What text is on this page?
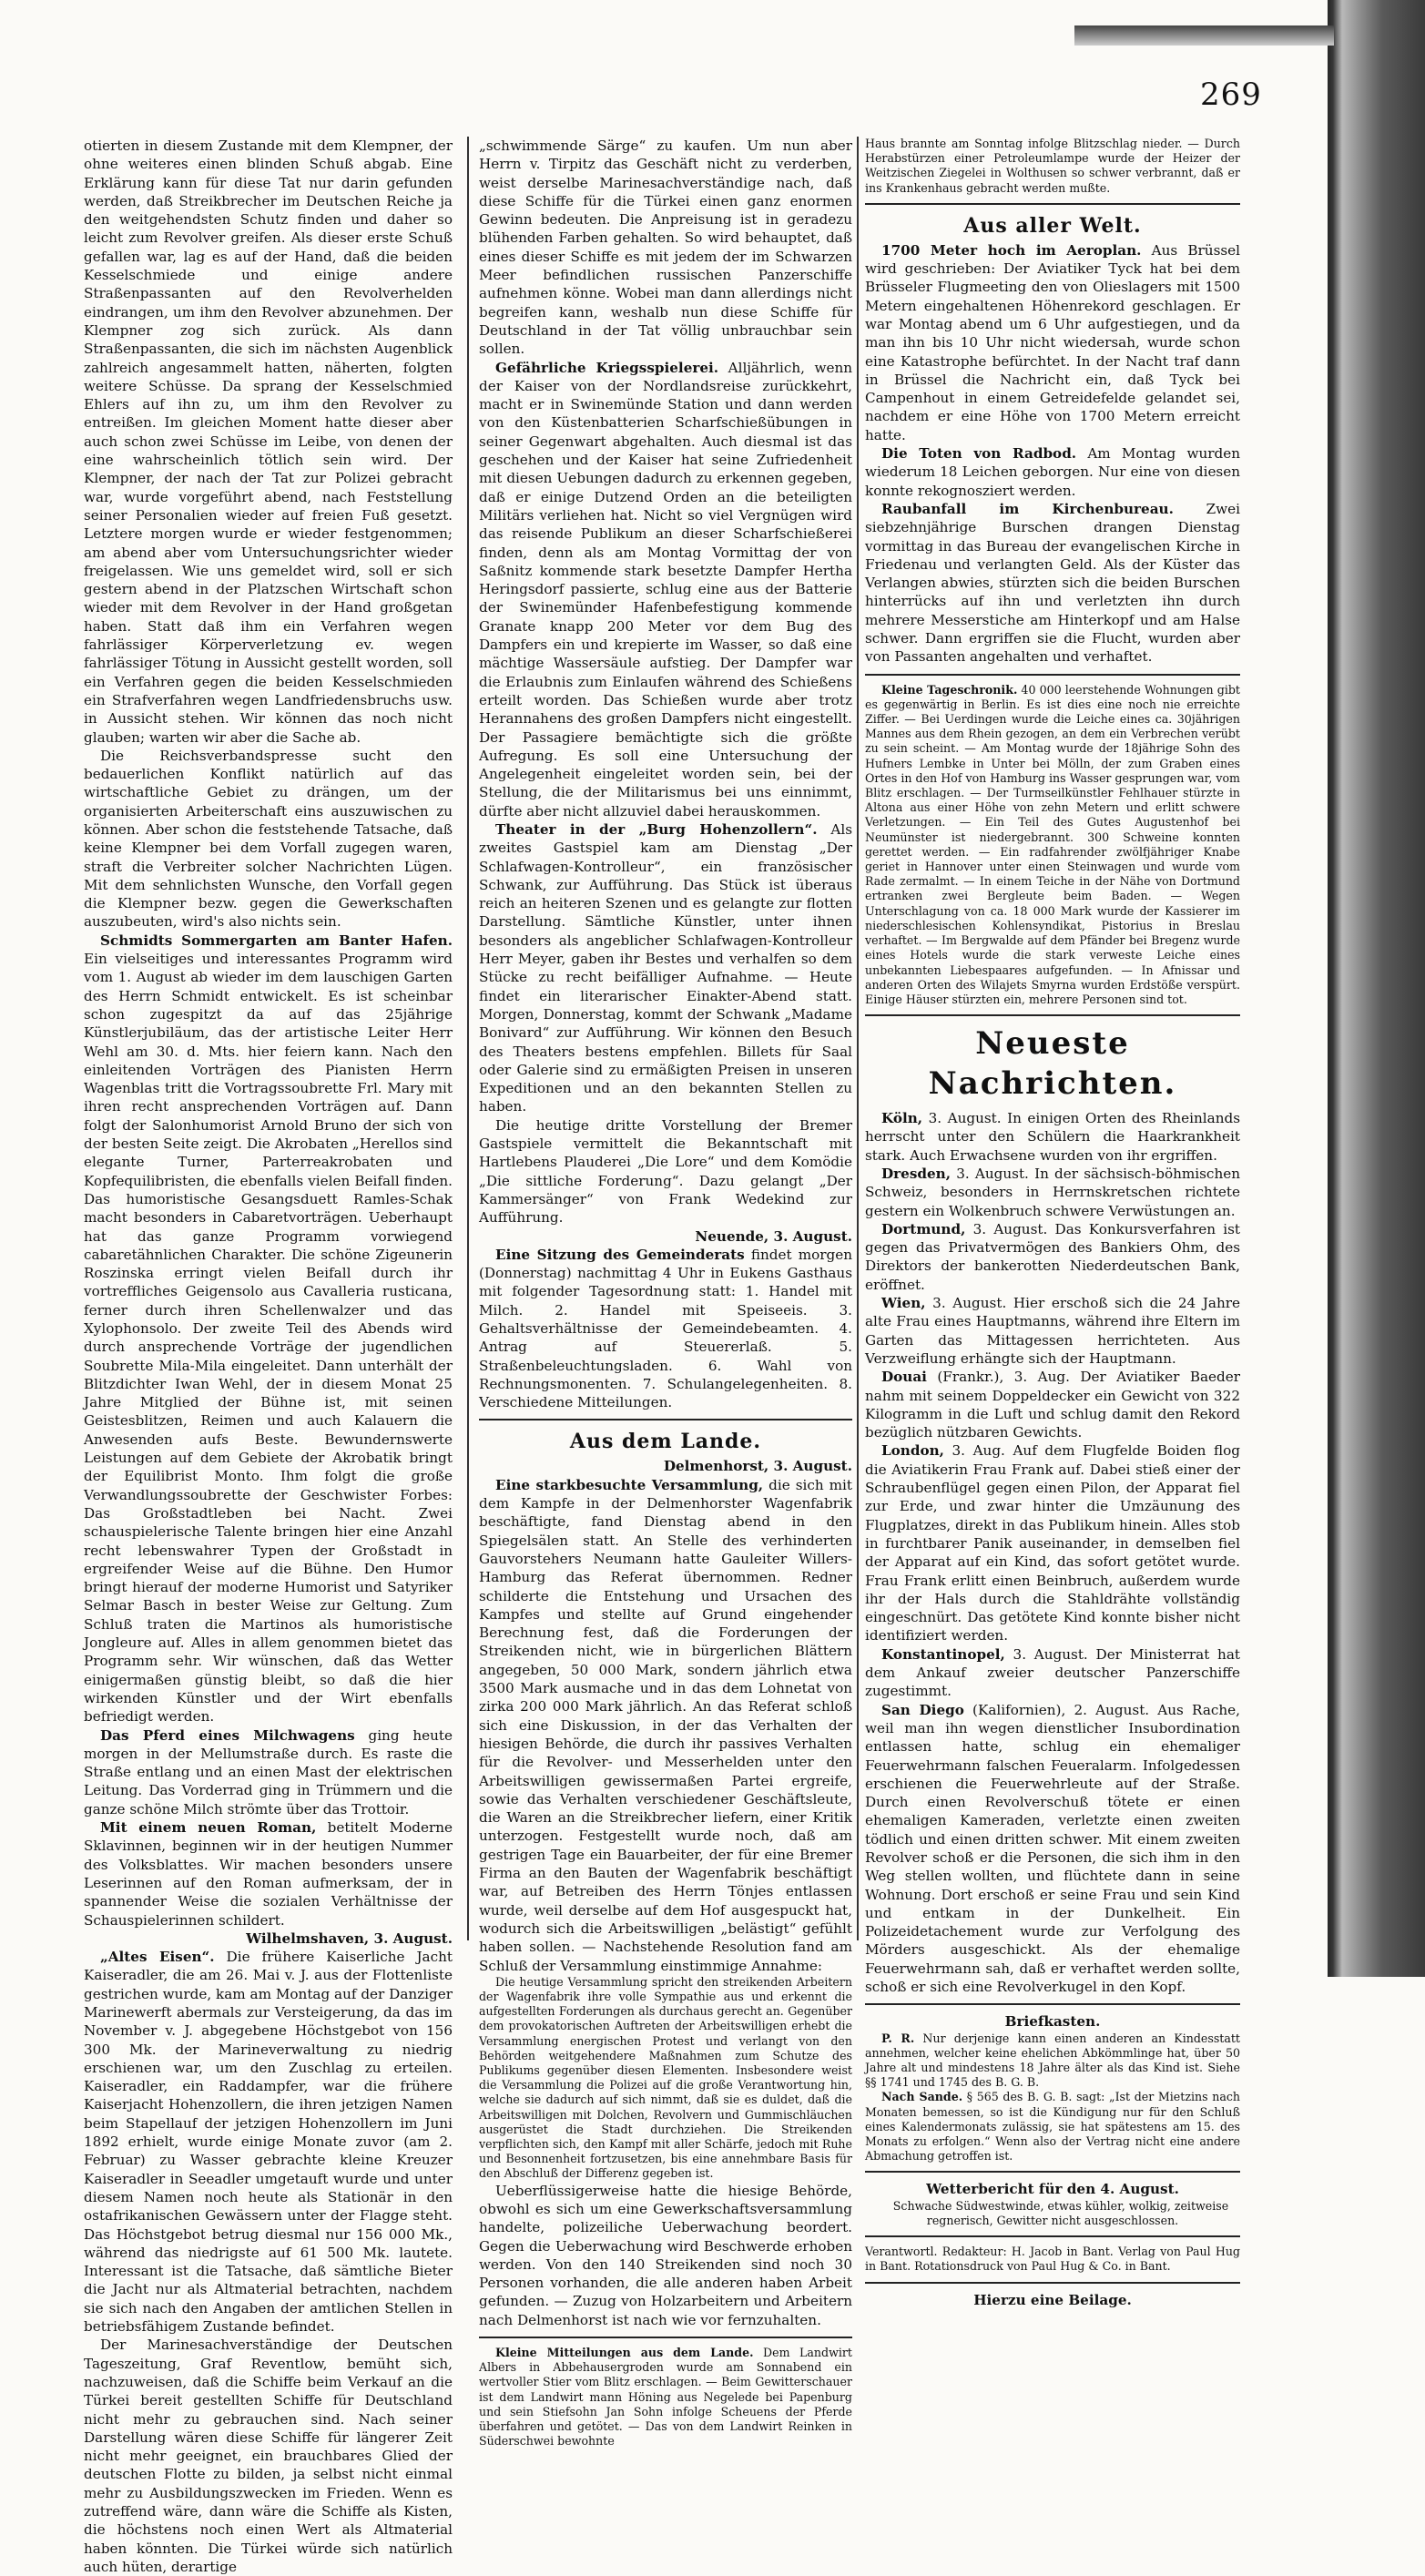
269

otierten in diesem Zustande mit dem Klempner, der ohne weiteres einen blinden Schuß abgab. Eine Erklärung kann für diese Tat nur darin gefunden werden, daß Streikbrecher im Deutschen Reiche ja den weitgehendsten Schutz finden und daher so leicht zum Revolver greifen. Als dieser erste Schuß gefallen war, lag es auf der Hand, daß die beiden Kesselschmiede und einige andere Straßenpassanten auf den Revolverhelden eindrangen, um ihm den Revolver abzunehmen. Der Klempner zog sich zurück. Als dann Straßenpassanten, die sich im nächsten Augenblick zahlreich angesammelt hatten, näherten, folgten weitere Schüsse. Da sprang der Kesselschmied Ehlers auf ihn zu, um ihm den Revolver zu entreißen. Im gleichen Moment hatte dieser aber auch schon zwei Schüsse im Leibe, von denen der eine wahrscheinlich tötlich sein wird. Der Klempner, der nach der Tat zur Polizei gebracht war, wurde vorgeführt abend, nach Feststellung seiner Personalien wieder auf freien Fuß gesetzt. Letztere morgen wurde er wieder festgenommen; am abend aber vom Untersuchungsrichter wieder freigelassen. Wie uns gemeldet wird, soll er sich gestern abend in der Platzschen Wirtschaft schon wieder mit dem Revolver in der Hand großgetan haben. Statt daß ihm ein Verfahren wegen fahrlässiger Körperverletzung ev. wegen fahrlässiger Tötung in Aussicht gestellt worden, soll ein Verfahren gegen die beiden Kesselschmieden ein Strafverfahren wegen Landfriedensbruchs usw. in Aussicht stehen. Wir können das noch nicht glauben; warten wir aber die Sache ab.

Die Reichsverbandspresse sucht den bedauerlichen Konflikt natürlich auf das wirtschaftliche Gebiet zu drängen, um der organisierten Arbeiterschaft eins auszuwischen zu können. Aber schon die feststehende Tatsache, daß keine Klempner bei dem Vorfall zugegen waren, straft die Verbreiter solcher Nachrichten Lügen. Mit dem sehnlichsten Wunsche, den Vorfall gegen die Klempner bezw. gegen die Gewerkschaften auszubeuten, wird's also nichts sein.

Schmidts Sommergarten am Banter Hafen. Ein vielseitiges und interessantes Programm wird vom 1. August ab wieder im dem lauschigen Garten des Herrn Schmidt entwickelt. Es ist scheinbar schon zugespitzt da auf das 25jährige Künstlerjubiläum, das der artistische Leiter Herr Wehl am 30. d. Mts. hier feiern kann. Nach den einleitenden Vorträgen des Pianisten Herrn Wagenblas tritt die Vortragssoubrette Frl. Mary mit ihren recht ansprechenden Vorträgen auf. Dann folgt der Salonhumorist Arnold Bruno der sich von der besten Seite zeigt. Die Akrobaten „Herellos sind elegante Turner, Parterreakrobaten und Kopfequilibristen, die ebenfalls vielen Beifall finden. Das humoristische Gesangsduett Ramles-Schak macht besonders in Cabaretvorträgen. Ueberhaupt hat das ganze Programm vorwiegend cabaretähnlichen Charakter. Die schöne Zigeunerin Roszinska erringt vielen Beifall durch ihr vortreffliches Geigensolo aus Cavalleria rusticana, ferner durch ihren Schellenwalzer und das Xylophonsolo. Der zweite Teil des Abends wird durch ansprechende Vorträge der jugendlichen Soubrette Mila-Mila eingeleitet. Dann unterhält der Blitzdichter Iwan Wehl, der in diesem Monat 25 Jahre Mitglied der Bühne ist, mit seinen Geistesblitzen, Reimen und auch Kalauern die Anwesenden aufs Beste. Bewundernswerte Leistungen auf dem Gebiete der Akrobatik bringt der Equilibrist Monto. Ihm folgt die große Verwandlungssoubrette der Geschwister Forbes: Das Großstadtleben bei Nacht. Zwei schauspielerische Talente bringen hier eine Anzahl recht lebenswahrer Typen der Großstadt in ergreifender Weise auf die Bühne. Den Humor bringt hierauf der moderne Humorist und Satyriker Selmar Basch in bester Weise zur Geltung. Zum Schluß traten die Martinos als humoristische Jongleure auf. Alles in allem genommen bietet das Programm sehr. Wir wünschen, daß das Wetter einigermaßen günstig bleibt, so daß die hier wirkenden Künstler und der Wirt ebenfalls befriedigt werden.

Das Pferd eines Milchwagens ging heute morgen in der Mellumstraße durch. Es raste die Straße entlang und an einen Mast der elektrischen Leitung. Das Vorderrad ging in Trümmern und die ganze schöne Milch strömte über das Trottoir.

Mit einem neuen Roman, betitelt Moderne Sklavinnen, beginnen wir in der heutigen Nummer des Volksblattes. Wir machen besonders unsere Leserinnen auf den Roman aufmerksam, der in spannender Weise die sozialen Verhältnisse der Schauspielerinnen schildert.

Wilhelmshaven, 3. August.

„Altes Eisen“. Die frühere Kaiserliche Jacht Kaiseradler, die am 26. Mai v. J. aus der Flottenliste gestrichen wurde, kam am Montag auf der Danziger Marinewerft abermals zur Versteigerung, da das im November v. J. abgegebene Höchstgebot von 156 300 Mk. der Marineverwaltung zu niedrig erschienen war, um den Zuschlag zu erteilen. Kaiseradler, ein Raddampfer, war die frühere Kaiserjacht Hohenzollern, die ihren jetzigen Namen beim Stapellauf der jetzigen Hohenzollern im Juni 1892 erhielt, wurde einige Monate zuvor (am 2. Februar) zu Wasser gebrachte kleine Kreuzer Kaiseradler in Seeadler umgetauft wurde und unter diesem Namen noch heute als Stationär in den ostafrikanischen Gewässern unter der Flagge steht. Das Höchstgebot betrug diesmal nur 156 000 Mk., während das niedrigste auf 61 500 Mk. lautete. Interessant ist die Tatsache, daß sämtliche Bieter die Jacht nur als Altmaterial betrachten, nachdem sie sich nach den Angaben der amtlichen Stellen in betriebsfähigem Zustande befindet.

Der Marinesachverständige der Deutschen Tageszeitung, Graf Reventlow, bemüht sich, nachzuweisen, daß die Schiffe beim Verkauf an die Türkei bereit gestellten Schiffe für Deutschland nicht mehr zu gebrauchen sind. Nach seiner Darstellung wären diese Schiffe für längerer Zeit nicht mehr geeignet, ein brauchbares Glied der deutschen Flotte zu bilden, ja selbst nicht einmal mehr zu Ausbildungszwecken im Frieden. Wenn es zutreffend wäre, dann wäre die Schiffe als Kisten, die höchstens noch einen Wert als Altmaterial haben könnten. Die Türkei würde sich natürlich auch hüten, derartige

„schwimmende Särge“ zu kaufen. Um nun aber Herrn v. Tirpitz das Geschäft nicht zu verderben, weist derselbe Marinesachverständige nach, daß diese Schiffe für die Türkei einen ganz enormen Gewinn bedeuten. Die Anpreisung ist in geradezu blühenden Farben gehalten. So wird behauptet, daß eines dieser Schiffe es mit jedem der im Schwarzen Meer befindlichen russischen Panzerschiffe aufnehmen könne. Wobei man dann allerdings nicht begreifen kann, weshalb nun diese Schiffe für Deutschland in der Tat völlig unbrauchbar sein sollen.

Gefährliche Kriegsspielerei. Alljährlich, wenn der Kaiser von der Nordlandsreise zurückkehrt, macht er in Swinemünde Station und dann werden von den Küstenbatterien Scharfschießübungen in seiner Gegenwart abgehalten. Auch diesmal ist das geschehen und der Kaiser hat seine Zufriedenheit mit diesen Uebungen dadurch zu erkennen gegeben, daß er einige Dutzend Orden an die beteiligten Militärs verliehen hat. Nicht so viel Vergnügen wird das reisende Publikum an dieser Scharfschießerei finden, denn als am Montag Vormittag der von Saßnitz kommende stark besetzte Dampfer Hertha Heringsdorf passierte, schlug eine aus der Batterie der Swinemünder Hafenbefestigung kommende Granate knapp 200 Meter vor dem Bug des Dampfers ein und krepierte im Wasser, so daß eine mächtige Wassersäule aufstieg. Der Dampfer war die Erlaubnis zum Einlaufen während des Schießens erteilt worden. Das Schießen wurde aber trotz Herannahens des großen Dampfers nicht eingestellt. Der Passagiere bemächtigte sich die größte Aufregung. Es soll eine Untersuchung der Angelegenheit eingeleitet worden sein, bei der Stellung, die der Militarismus bei uns einnimmt, dürfte aber nicht allzuviel dabei herauskommen.

Theater in der „Burg Hohenzollern“. Als zweites Gastspiel kam am Dienstag „Der Schlafwagen-Kontrolleur“, ein französischer Schwank, zur Aufführung. Das Stück ist überaus reich an heiteren Szenen und es gelangte zur flotten Darstellung. Sämtliche Künstler, unter ihnen besonders als angeblicher Schlafwagen-Kontrolleur Herr Meyer, gaben ihr Bestes und verhalfen so dem Stücke zu recht beifälliger Aufnahme. — Heute findet ein literarischer Einakter-Abend statt. Morgen, Donnerstag, kommt der Schwank „Madame Bonivard“ zur Aufführung. Wir können den Besuch des Theaters bestens empfehlen. Billets für Saal oder Galerie sind zu ermäßigten Preisen in unseren Expeditionen und an den bekannten Stellen zu haben.

Die heutige dritte Vorstellung der Bremer Gastspiele vermittelt die Bekanntschaft mit Hartlebens Plauderei „Die Lore“ und dem Komödie „Die sittliche Forderung“. Dazu gelangt „Der Kammersänger“ von Frank Wedekind zur Aufführung.

Neuende, 3. August.

Eine Sitzung des Gemeinderats findet morgen (Donnerstag) nachmittag 4 Uhr in Eukens Gasthaus mit folgender Tagesordnung statt: 1. Handel mit Milch. 2. Handel mit Speiseeis. 3. Gehaltsverhältnisse der Gemeindebeamten. 4. Antrag auf Steuererlaß. 5. Straßenbeleuchtungsladen. 6. Wahl von Rechnungsmonenten. 7. Schulangelegenheiten. 8. Verschiedene Mitteilungen.

Aus dem Lande.
Delmenhorst, 3. August.

Eine starkbesuchte Versammlung, die sich mit dem Kampfe in der Delmenhorster Wagenfabrik beschäftigte, fand Dienstag abend in den Spiegelsälen statt. An Stelle des verhinderten Gauvorstehers Neumann hatte Gauleiter Willers-Hamburg das Referat übernommen. Redner schilderte die Entstehung und Ursachen des Kampfes und stellte auf Grund eingehender Berechnung fest, daß die Forderungen der Streikenden nicht, wie in bürgerlichen Blättern angegeben, 50 000 Mark, sondern jährlich etwa 3500 Mark ausmache und in das dem Lohnetat von zirka 200 000 Mark jährlich. An das Referat schloß sich eine Diskussion, in der das Verhalten der hiesigen Behörde, die durch ihr passives Verhalten für die Revolver- und Messerhelden unter den Arbeitswilligen gewissermaßen Partei ergreife, sowie das Verhalten verschiedener Geschäftsleute, die Waren an die Streikbrecher liefern, einer Kritik unterzogen. Festgestellt wurde noch, daß am gestrigen Tage ein Bauarbeiter, der für eine Bremer Firma an den Bauten der Wagenfabrik beschäftigt war, auf Betreiben des Herrn Tönjes entlassen wurde, weil derselbe auf dem Hof ausgespuckt hat, wodurch sich die Arbeitswilligen „belästigt“ gefühlt haben sollen. — Nachstehende Resolution fand am Schluß der Versammlung einstimmige Annahme:

Die heutige Versammlung spricht den streikenden Arbeitern der Wagenfabrik ihre volle Sympathie aus und erkennt die aufgestellten Forderungen als durchaus gerecht an. Gegenüber dem provokatorischen Auftreten der Arbeitswilligen erhebt die Versammlung energischen Protest und verlangt von den Behörden weitgehendere Maßnahmen zum Schutze des Publikums gegenüber diesen Elementen. Insbesondere weist die Versammlung die Polizei auf die große Verantwortung hin, welche sie dadurch auf sich nimmt, daß sie es duldet, daß die Arbeitswilligen mit Dolchen, Revolvern und Gummischläuchen ausgerüstet die Stadt durchziehen. Die Streikenden verpflichten sich, den Kampf mit aller Schärfe, jedoch mit Ruhe und Besonnenheit fortzusetzen, bis eine annehmbare Basis für den Abschluß der Differenz gegeben ist.

Ueberflüssigerweise hatte die hiesige Behörde, obwohl es sich um eine Gewerkschaftsversammlung handelte, polizeiliche Ueberwachung beordert. Gegen die Ueberwachung wird Beschwerde erhoben werden. Von den 140 Streikenden sind noch 30 Personen vorhanden, die alle anderen haben Arbeit gefunden. — Zuzug von Holzarbeitern und Arbeitern nach Delmenhorst ist nach wie vor fernzuhalten.

Kleine Mitteilungen aus dem Lande. Dem Landwirt Albers in Abbehausergroden wurde am Sonnabend ein wertvoller Stier vom Blitz erschlagen. — Beim Gewitterschauer ist dem Landwirt mann Höning aus Negelede bei Papenburg und sein Stiefsohn Jan Sohn infolge Scheuens der Pferde überfahren und getötet. — Das von dem Landwirt Reinken in Süderschwei bewohnte

Haus brannte am Sonntag infolge Blitzschlag nieder. — Durch Herabstürzen einer Petroleumlampe wurde der Heizer der Weitzischen Ziegelei in Wolthusen so schwer verbrannt, daß er ins Krankenhaus gebracht werden mußte.

Aus aller Welt.

1700 Meter hoch im Aeroplan. Aus Brüssel wird geschrieben: Der Aviatiker Tyck hat bei dem Brüsseler Flugmeeting den von Olieslagers mit 1500 Metern eingehaltenen Höhenrekord geschlagen. Er war Montag abend um 6 Uhr aufgestiegen, und da man ihn bis 10 Uhr nicht wiedersah, wurde schon eine Katastrophe befürchtet. In der Nacht traf dann in Brüssel die Nachricht ein, daß Tyck bei Campenhout in einem Getreidefelde gelandet sei, nachdem er eine Höhe von 1700 Metern erreicht hatte.

Die Toten von Radbod. Am Montag wurden wiederum 18 Leichen geborgen. Nur eine von diesen konnte rekognosziert werden.

Raubanfall im Kirchenbureau. Zwei siebzehnjährige Burschen drangen Dienstag vormittag in das Bureau der evangelischen Kirche in Friedenau und verlangten Geld. Als der Küster das Verlangen abwies, stürzten sich die beiden Burschen hinterrücks auf ihn und verletzten ihn durch mehrere Messerstiche am Hinterkopf und am Halse schwer. Dann ergriffen sie die Flucht, wurden aber von Passanten angehalten und verhaftet.

Kleine Tageschronik. 40 000 leerstehende Wohnungen gibt es gegenwärtig in Berlin. Es ist dies eine noch nie erreichte Ziffer. — Bei Uerdingen wurde die Leiche eines ca. 30jährigen Mannes aus dem Rhein gezogen, an dem ein Verbrechen verübt zu sein scheint. — Am Montag wurde der 18jährige Sohn des Hufners Lembke in Unter bei Mölln, der zum Graben eines Ortes in den Hof von Hamburg ins Wasser gesprungen war, vom Blitz erschlagen. — Der Turmseilkünstler Fehlhauer stürzte in Altona aus einer Höhe von zehn Metern und erlitt schwere Verletzungen. — Ein Teil des Gutes Augustenhof bei Neumünster ist niedergebrannt. 300 Schweine konnten gerettet werden. — Ein radfahrender zwölfjähriger Knabe geriet in Hannover unter einen Steinwagen und wurde vom Rade zermalmt. — In einem Teiche in der Nähe von Dortmund ertranken zwei Bergleute beim Baden. — Wegen Unterschlagung von ca. 18 000 Mark wurde der Kassierer im niederschlesischen Kohlensyndikat, Pistorius in Breslau verhaftet. — Im Bergwalde auf dem Pfänder bei Bregenz wurde eines Hotels wurde die stark verweste Leiche eines unbekannten Liebespaares aufgefunden. — In Afnissar und anderen Orten des Wilajets Smyrna wurden Erdstöße verspürt. Einige Häuser stürzten ein, mehrere Personen sind tot.

Neueste Nachrichten.

Köln, 3. August. In einigen Orten des Rheinlands herrscht unter den Schülern die Haarkrankheit stark. Auch Erwachsene wurden von ihr ergriffen.

Dresden, 3. August. In der sächsisch-böhmischen Schweiz, besonders in Herrnskretschen richtete gestern ein Wolkenbruch schwere Verwüstungen an.

Dortmund, 3. August. Das Konkursverfahren ist gegen das Privatvermögen des Bankiers Ohm, des Direktors der bankerotten Niederdeutschen Bank, eröffnet.

Wien, 3. August. Hier erschoß sich die 24 Jahre alte Frau eines Hauptmanns, während ihre Eltern im Garten das Mittagessen herrichteten. Aus Verzweiflung erhängte sich der Hauptmann.

Douai (Frankr.), 3. Aug. Der Aviatiker Baeder nahm mit seinem Doppeldecker ein Gewicht von 322 Kilogramm in die Luft und schlug damit den Rekord bezüglich nützbaren Gewichts.

London, 3. Aug. Auf dem Flugfelde Boiden flog die Aviatikerin Frau Frank auf. Dabei stieß einer der Schraubenflügel gegen einen Pilon, der Apparat fiel zur Erde, und zwar hinter die Umzäunung des Flugplatzes, direkt in das Publikum hinein. Alles stob in furchtbarer Panik auseinander, in demselben fiel der Apparat auf ein Kind, das sofort getötet wurde. Frau Frank erlitt einen Beinbruch, außerdem wurde ihr der Hals durch die Stahldrähte vollständig eingeschnürt. Das getötete Kind konnte bisher nicht identifiziert werden.

Konstantinopel, 3. August. Der Ministerrat hat dem Ankauf zweier deutscher Panzerschiffe zugestimmt.

San Diego (Kalifornien), 2. August. Aus Rache, weil man ihn wegen dienstlicher Insubordination entlassen hatte, schlug ein ehemaliger Feuerwehrmann falschen Feueralarm. Infolgedessen erschienen die Feuerwehrleute auf der Straße. Durch einen Revolverschuß tötete er einen ehemaligen Kameraden, verletzte einen zweiten tödlich und einen dritten schwer. Mit einem zweiten Revolver schoß er die Personen, die sich ihm in den Weg stellen wollten, und flüchtete dann in seine Wohnung. Dort erschoß er seine Frau und sein Kind und entkam in der Dunkelheit. Ein Polizeidetachement wurde zur Verfolgung des Mörders ausgeschickt. Als der ehemalige Feuerwehrmann sah, daß er verhaftet werden sollte, schoß er sich eine Revolverkugel in den Kopf.

Briefkasten.

P. R. Nur derjenige kann einen anderen an Kindesstatt annehmen, welcher keine ehelichen Abkömmlinge hat, über 50 Jahre alt und mindestens 18 Jahre älter als das Kind ist. Siehe §§ 1741 und 1745 des B. G. B.

Nach Sande. § 565 des B. G. B. sagt: „Ist der Mietzins nach Monaten bemessen, so ist die Kündigung nur für den Schluß eines Kalendermonats zulässig, sie hat spätestens am 15. des Monats zu erfolgen.“ Wenn also der Vertrag nicht eine andere Abmachung getroffen ist.

Wetterbericht für den 4. August.

Schwache Südwestwinde, etwas kühler, wolkig, zeitweise regnerisch, Gewitter nicht ausgeschlossen.

Verantwortl. Redakteur: H. Jacob in Bant. Verlag von Paul Hug in Bant. Rotationsdruck von Paul Hug & Co. in Bant.

Hierzu eine Beilage.
